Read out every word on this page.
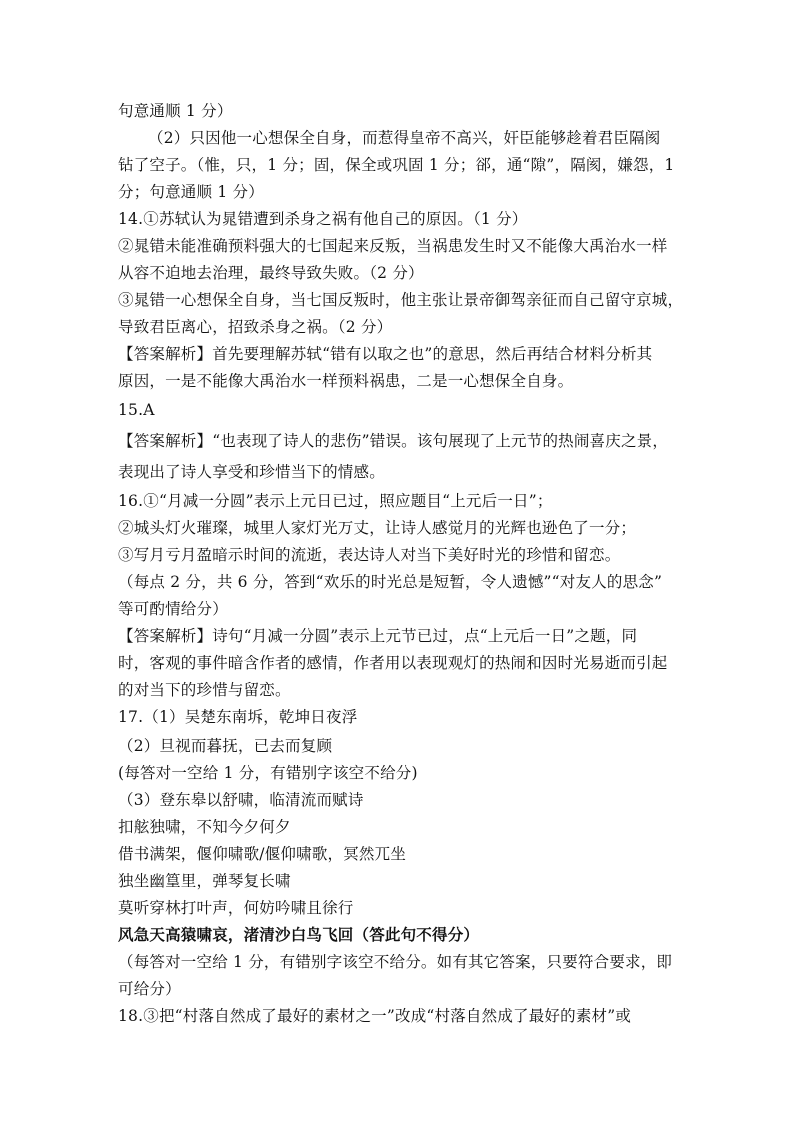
句意通顺 1 分）
（2）只因他一心想保全自身，而惹得皇帝不高兴，奸臣能够趁着君臣隔阂
钻了空子。（惟，只，1 分；固，保全或巩固 1 分；郤，通“隙”，隔阂，嫌怨，1
分；句意通顺 1 分）
14.①苏轼认为晁错遭到杀身之祸有他自己的原因。（1 分）
②晁错未能准确预料强大的七国起来反叛，当祸患发生时又不能像大禹治水一样
从容不迫地去治理，最终导致失败。（2 分）
③晁错一心想保全自身，当七国反叛时，他主张让景帝御驾亲征而自己留守京城，
导致君臣离心，招致杀身之祸。（2 分）
【答案解析】首先要理解苏轼“错有以取之也”的意思，然后再结合材料分析其
原因，一是不能像大禹治水一样预料祸患，二是一心想保全自身。
15.A
【答案解析】“也表现了诗人的悲伤”错误。该句展现了上元节的热闹喜庆之景，
表现出了诗人享受和珍惜当下的情感。
16.①“月减一分圆”表示上元日已过，照应题目“上元后一日”；
②城头灯火璀璨，城里人家灯光万丈，让诗人感觉月的光辉也逊色了一分；
③写月亏月盈暗示时间的流逝，表达诗人对当下美好时光的珍惜和留恋。
（每点 2 分，共 6 分，答到“欢乐的时光总是短暂，令人遗憾”“对友人的思念”
等可酌情给分）
【答案解析】诗句“月减一分圆”表示上元节已过，点“上元后一日”之题，同
时，客观的事件暗含作者的感情，作者用以表现观灯的热闹和因时光易逝而引起
的对当下的珍惜与留恋。
17.（1）吴楚东南坼，乾坤日夜浮
（2）旦视而暮抚，已去而复顾
(每答对一空给 1 分，有错别字该空不给分)
（3）登东皋以舒啸，临清流而赋诗
扣舷独啸，不知今夕何夕
借书满架，偃仰啸歌/偃仰啸歌，冥然兀坐
独坐幽篁里，弹琴复长啸
莫听穿林打叶声，何妨吟啸且徐行
风急天高猿啸哀，渚清沙白鸟飞回（答此句不得分）
（每答对一空给 1 分，有错别字该空不给分。如有其它答案，只要符合要求，即
可给分）
18.③把“村落自然成了最好的素材之一”改成“村落自然成了最好的素材”或
